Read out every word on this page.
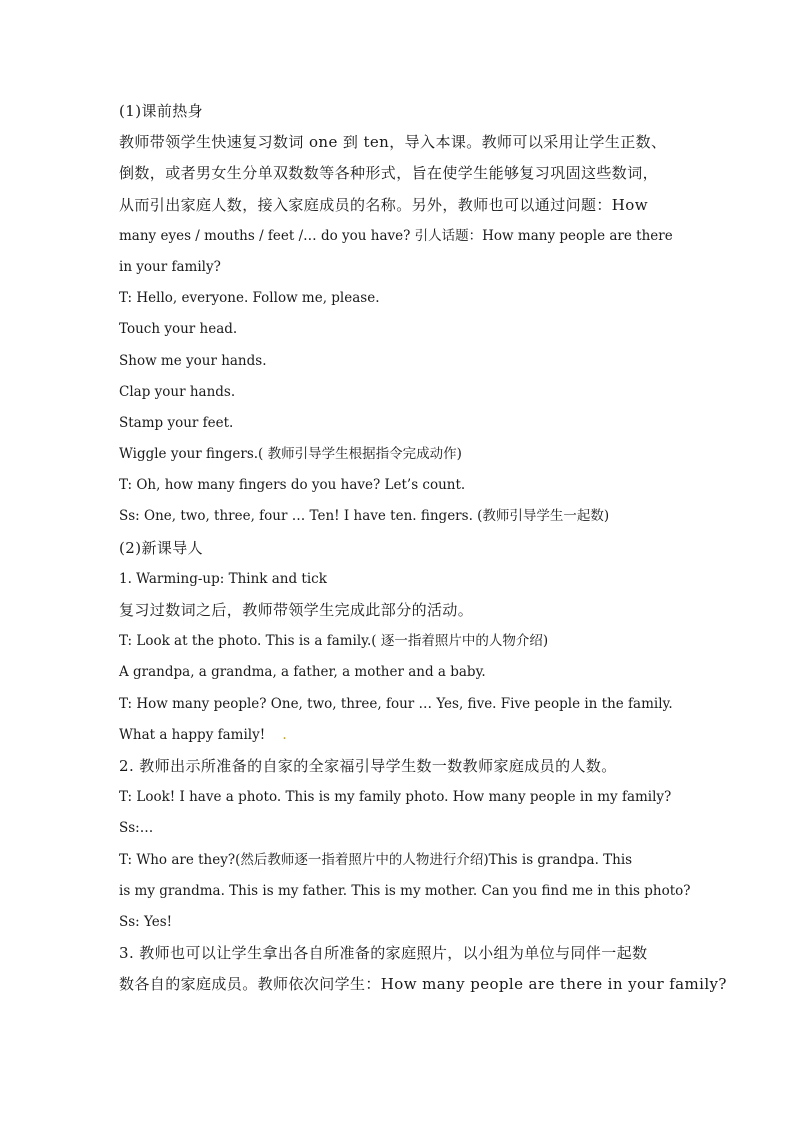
(1)课前热身
教师带领学生快速复习数词 one 到 ten，导入本课。教师可以采用让学生正数、
倒数，或者男女生分单双数数等各种形式，旨在使学生能够复习巩固这些数词，
从而引出家庭人数，接入家庭成员的名称。另外，教师也可以通过问题：How
many eyes / mouths / feet /… do you have? 引人话题：How many people are there
in your family?
T: Hello, everyone. Follow me, please.
Touch your head.
Show me your hands.
Clap your hands.
Stamp your feet.
Wiggle your fingers.( 教师引导学生根据指令完成动作)
T: Oh, how many fingers do you have? Let’s count.
Ss: One, two, three, four … Ten! I have ten. fingers. (教师引导学生一起数)
(2)新课导人
1. Warming-up: Think and tick
复习过数词之后，教师带领学生完成此部分的活动。
T: Look at the photo. This is a family.( 逐一指着照片中的人物介绍)
A grandpa, a grandma, a father, a mother and a baby.
T: How many people? One, two, three, four … Yes, five. Five people in the family.
What a happy family! .
2. 教师出示所准备的自家的全家福引导学生数一数教师家庭成员的人数。
T: Look! I have a photo. This is my family photo. How many people in my family?
Ss:…
T: Who are they?(然后教师逐一指着照片中的人物进行介绍)This is grandpa. This
is my grandma. This is my father. This is my mother. Can you find me in this photo?
Ss: Yes!
3. 教师也可以让学生拿出各自所准备的家庭照片，以小组为单位与同伴一起数
数各自的家庭成员。教师依次问学生：How many people are there in your family?
